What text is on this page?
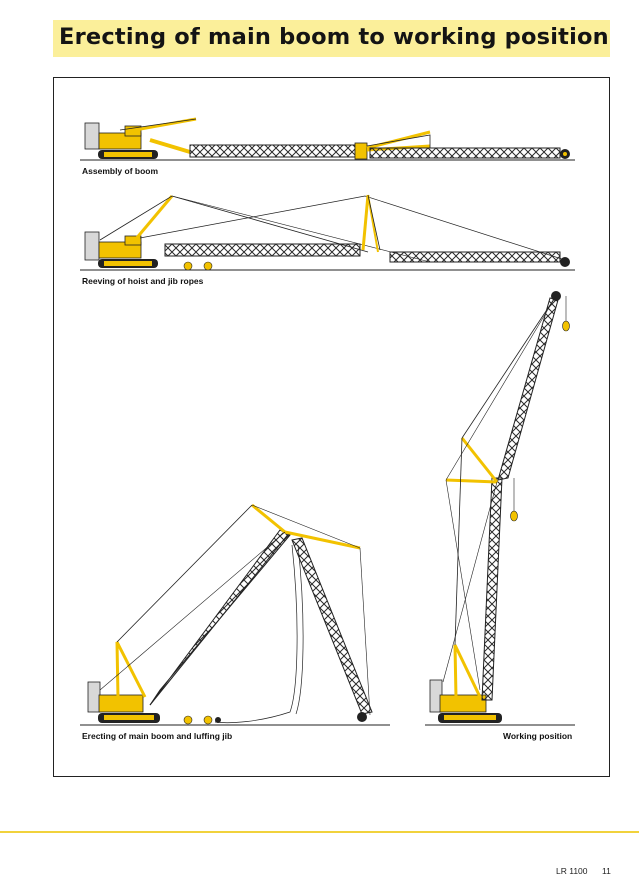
Erecting of main boom to working position
Assembly of boom
Reeving of hoist and jib ropes
Erecting of main boom and luffing jib	Working position
LR 1100 11
